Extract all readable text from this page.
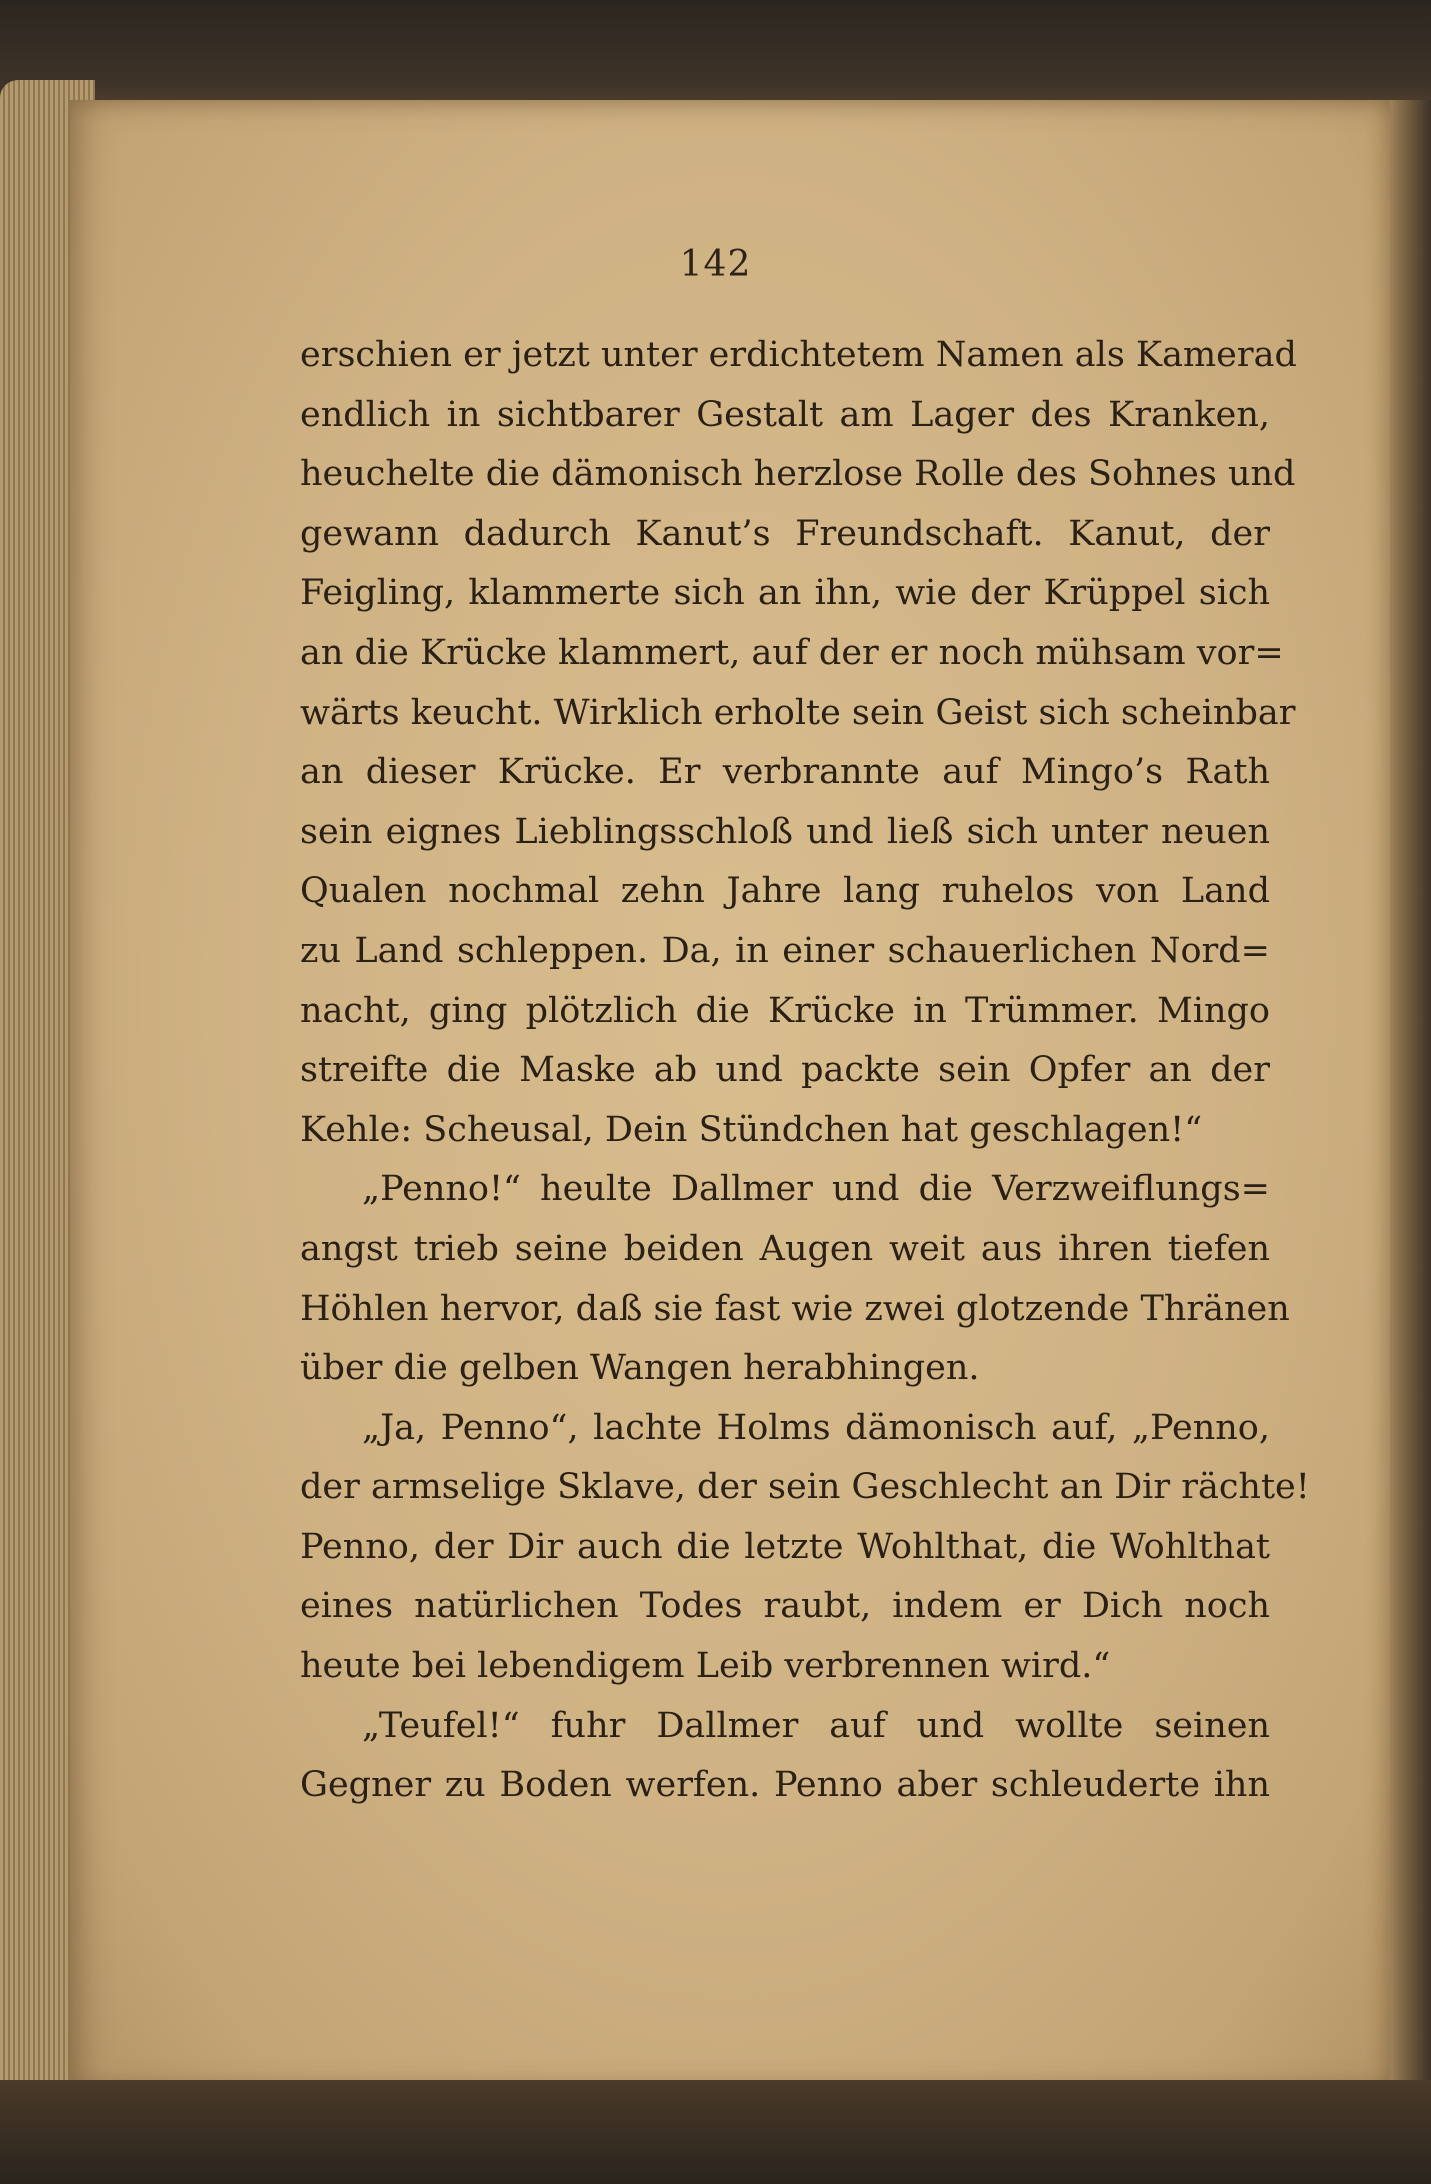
142
erschien er jetzt unter erdichtetem Namen als Kamerad
endlich in sichtbarer Gestalt am Lager des Kranken,
heuchelte die dämonisch herzlose Rolle des Sohnes und
gewann dadurch Kanut’s Freundschaft. Kanut, der
Feigling, klammerte sich an ihn, wie der Krüppel sich
an die Krücke klammert, auf der er noch mühsam vor=
wärts keucht. Wirklich erholte sein Geist sich scheinbar
an dieser Krücke. Er verbrannte auf Mingo’s Rath
sein eignes Lieblingsschloß und ließ sich unter neuen
Qualen nochmal zehn Jahre lang ruhelos von Land
zu Land schleppen. Da, in einer schauerlichen Nord=
nacht, ging plötzlich die Krücke in Trümmer. Mingo
streifte die Maske ab und packte sein Opfer an der
Kehle: Scheusal, Dein Stündchen hat geschlagen!“
„Penno!“ heulte Dallmer und die Verzweiflungs=
angst trieb seine beiden Augen weit aus ihren tiefen
Höhlen hervor, daß sie fast wie zwei glotzende Thränen
über die gelben Wangen herabhingen.
„Ja, Penno“, lachte Holms dämonisch auf, „Penno,
der armselige Sklave, der sein Geschlecht an Dir rächte!
Penno, der Dir auch die letzte Wohlthat, die Wohlthat
eines natürlichen Todes raubt, indem er Dich noch
heute bei lebendigem Leib verbrennen wird.“
„Teufel!“ fuhr Dallmer auf und wollte seinen
Gegner zu Boden werfen. Penno aber schleuderte ihn
